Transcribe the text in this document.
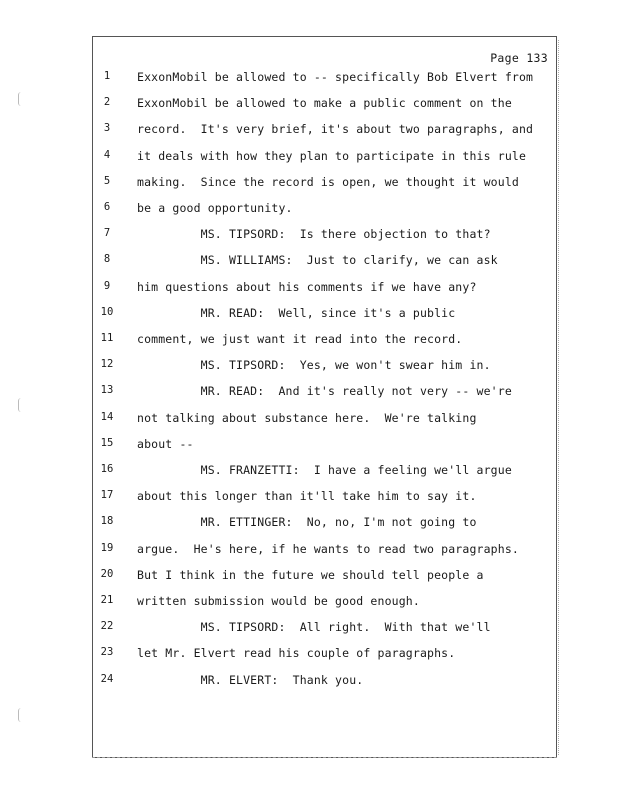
Page 133
1	ExxonMobil be allowed to -- specifically Bob Elvert from
2	ExxonMobil be allowed to make a public comment on the
3	record.  It's very brief, it's about two paragraphs, and
4	it deals with how they plan to participate in this rule
5	making.  Since the record is open, we thought it would
6	be a good opportunity.
7	MS. TIPSORD:  Is there objection to that?
8	MS. WILLIAMS:  Just to clarify, we can ask
9	him questions about his comments if we have any?
10	MR. READ:  Well, since it's a public
11	comment, we just want it read into the record.
12	MS. TIPSORD:  Yes, we won't swear him in.
13	MR. READ:  And it's really not very -- we're
14	not talking about substance here.  We're talking
15	about --
16	MS. FRANZETTI:  I have a feeling we'll argue
17	about this longer than it'll take him to say it.
18	MR. ETTINGER:  No, no, I'm not going to
19	argue.  He's here, if he wants to read two paragraphs.
20	But I think in the future we should tell people a
21	written submission would be good enough.
22	MS. TIPSORD:  All right.  With that we'll
23	let Mr. Elvert read his couple of paragraphs.
24	MR. ELVERT:  Thank you.
